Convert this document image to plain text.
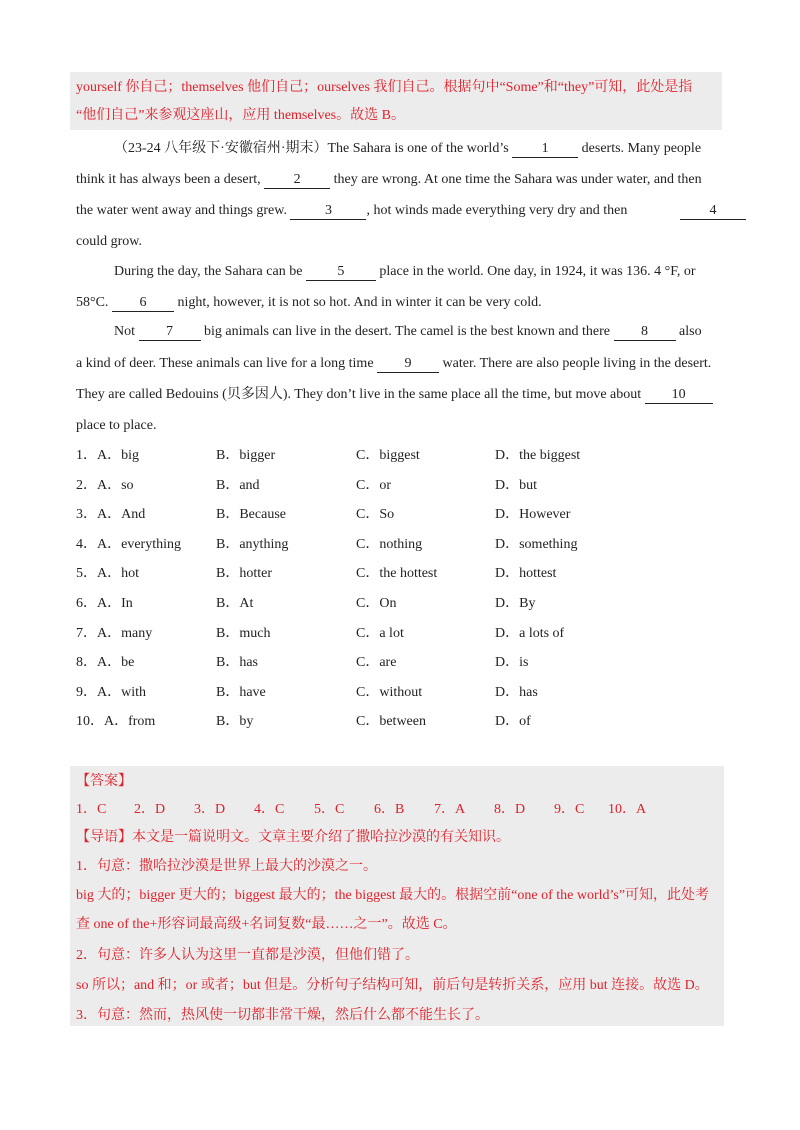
yourself 你自己；themselves 他们自己；ourselves 我们自己。根据句中“Some”和“they”可知，此处是指
“他们自己”来参观这座山，应用 themselves。故选 B。
（23-24 八年级下·安徽宿州·期末）The Sahara is one of the world’s 1 deserts. Many people
think it has always been a desert, 2 they are wrong. At one time the Sahara was under water, and then
the water went away and things grew.	3 , hot winds made everything very dry and then	4
could grow.
During the day, the Sahara can be	5	place in the world. One day, in 1924, it was 136. 4 °F, or
58°C. 6 night, however, it is not so hot. And in winter it can be very cold.
Not 7 big animals can live in the desert. The camel is the best known and there 8 also
a kind of deer. These animals can live for a long time 9 water. There are also people living in the desert.
They are called Bedouins (贝多因人). They don’t live in the same place all the time, but move about 10
place to place.
1．A．big	B．bigger	C．biggest	D．the biggest
2．A．so	B．and	C．or	D．but
3．A．And	B．Because	C．So	D．However
4．A．everything	B．anything	C．nothing	D．something
5．A．hot	B．hotter	C．the hottest	D．hottest
6．A．In	B．At	C．On	D．By
7．A．many	B．much	C．a lot	D．a lots of
8．A．be	B．has	C．are	D．is
9．A．with	B．have	C．without	D．has
10．A．from	B．by	C．between	D．of
【答案】
1．C 2．D 3．D 4．C 5．C 6．B 7．A 8．D 9．C 10．A
【导语】本文是一篇说明文。文章主要介绍了撒哈拉沙漠的有关知识。
1．句意：撒哈拉沙漠是世界上最大的沙漠之一。
big 大的；bigger 更大的；biggest 最大的；the biggest 最大的。根据空前“one of the world’s”可知，此处考
查 one of the+形容词最高级+名词复数“最……之一”。故选 C。
2．句意：许多人认为这里一直都是沙漠，但他们错了。
so 所以；and 和；or 或者；but 但是。分析句子结构可知，前后句是转折关系，应用 but 连接。故选 D。
3．句意：然而，热风使一切都非常干燥，然后什么都不能生长了。
